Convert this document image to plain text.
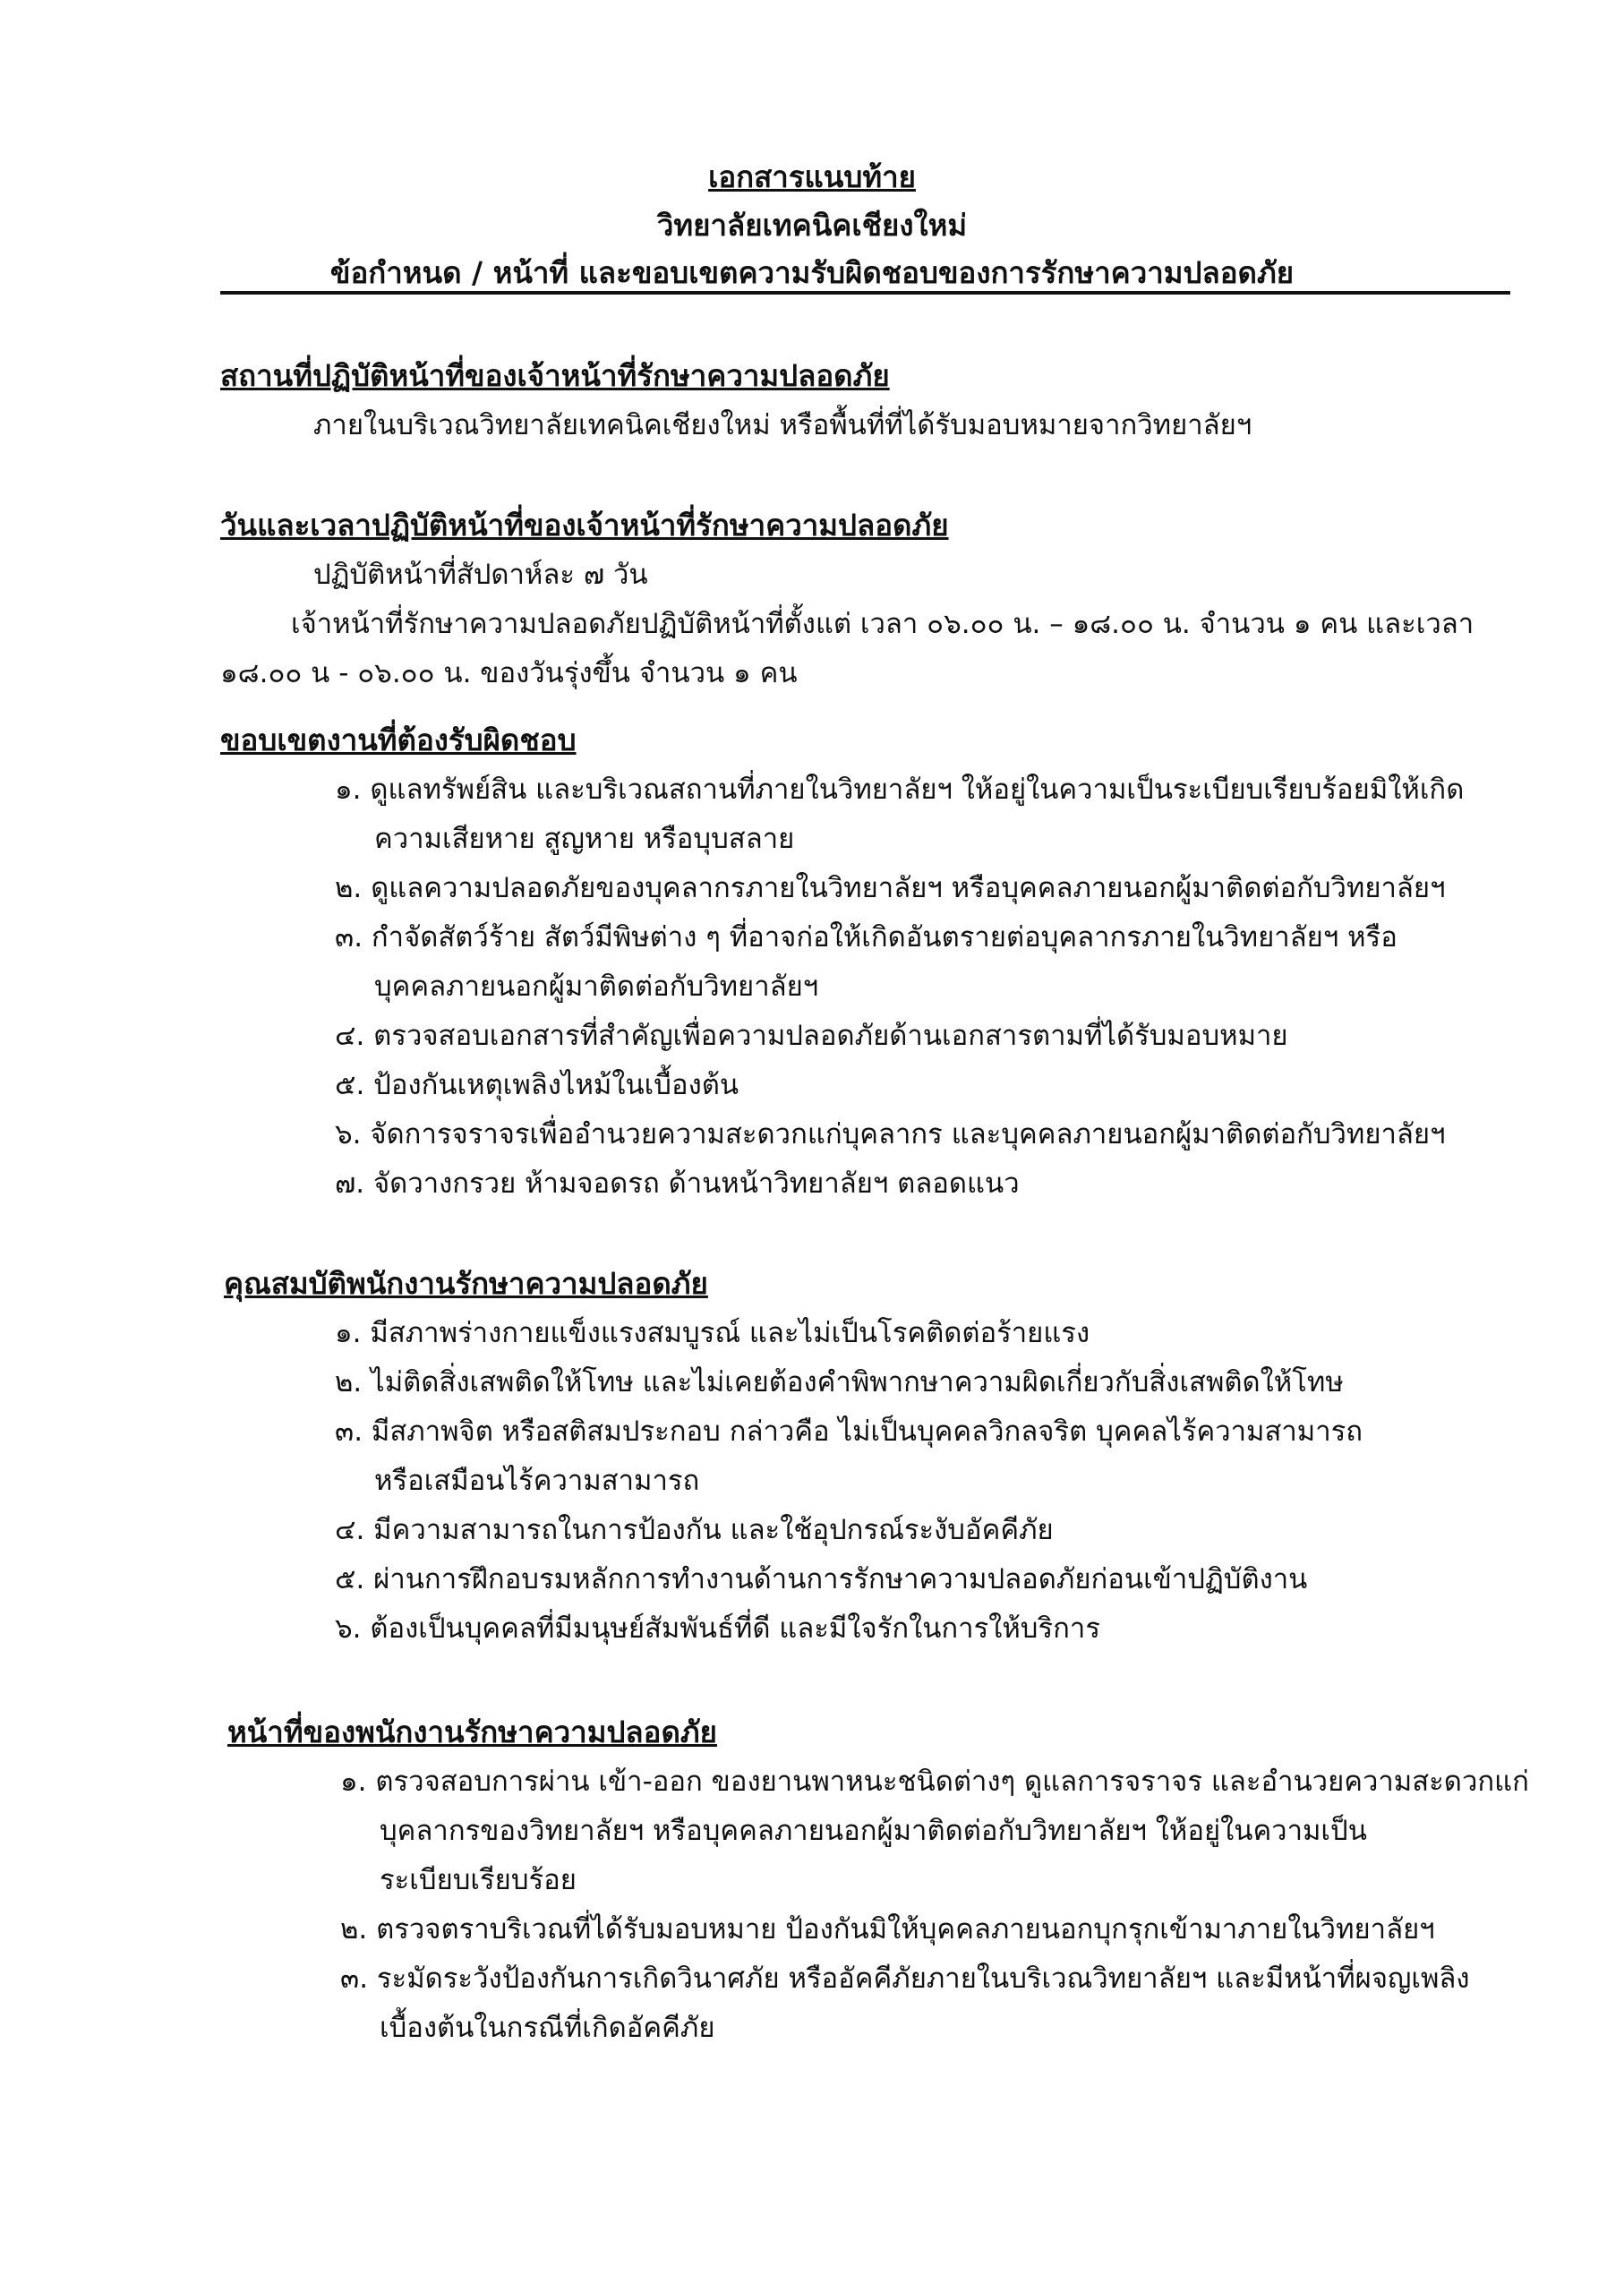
เอกสารแนบท้าย
วิทยาลัยเทคนิคเชียงใหม่
ข้อกำหนด / หน้าที่ และขอบเขตความรับผิดชอบของการรักษาความปลอดภัย
สถานที่ปฏิบัติหน้าที่ของเจ้าหน้าที่รักษาความปลอดภัย
ภายในบริเวณวิทยาลัยเทคนิคเชียงใหม่ หรือพื้นที่ที่ได้รับมอบหมายจากวิทยาลัยฯ
วันและเวลาปฏิบัติหน้าที่ของเจ้าหน้าที่รักษาความปลอดภัย
ปฏิบัติหน้าที่สัปดาห์ละ ๗ วัน
เจ้าหน้าที่รักษาความปลอดภัยปฏิบัติหน้าที่ตั้งแต่ เวลา ๐๖.๐๐ น. – ๑๘.๐๐ น. จำนวน ๑ คน และเวลา
๑๘.๐๐ น - ๐๖.๐๐ น. ของวันรุ่งขึ้น จำนวน ๑ คน
ขอบเขตงานที่ต้องรับผิดชอบ
๑. ดูแลทรัพย์สิน และบริเวณสถานที่ภายในวิทยาลัยฯ ให้อยู่ในความเป็นระเบียบเรียบร้อยมิให้เกิด
ความเสียหาย สูญหาย หรือบุบสลาย
๒. ดูแลความปลอดภัยของบุคลากรภายในวิทยาลัยฯ หรือบุคคลภายนอกผู้มาติดต่อกับวิทยาลัยฯ
๓. กำจัดสัตว์ร้าย สัตว์มีพิษต่าง ๆ ที่อาจก่อให้เกิดอันตรายต่อบุคลากรภายในวิทยาลัยฯ หรือ
บุคคลภายนอกผู้มาติดต่อกับวิทยาลัยฯ
๔. ตรวจสอบเอกสารที่สำคัญเพื่อความปลอดภัยด้านเอกสารตามที่ได้รับมอบหมาย
๕. ป้องกันเหตุเพลิงไหม้ในเบื้องต้น
๖. จัดการจราจรเพื่ออำนวยความสะดวกแก่บุคลากร และบุคคลภายนอกผู้มาติดต่อกับวิทยาลัยฯ
๗. จัดวางกรวย ห้ามจอดรถ ด้านหน้าวิทยาลัยฯ ตลอดแนว
คุณสมบัติพนักงานรักษาความปลอดภัย
๑. มีสภาพร่างกายแข็งแรงสมบูรณ์ และไม่เป็นโรคติดต่อร้ายแรง
๒. ไม่ติดสิ่งเสพติดให้โทษ และไม่เคยต้องคำพิพากษาความผิดเกี่ยวกับสิ่งเสพติดให้โทษ
๓. มีสภาพจิต หรือสติสมประกอบ กล่าวคือ ไม่เป็นบุคคลวิกลจริต บุคคลไร้ความสามารถ
หรือเสมือนไร้ความสามารถ
๔. มีความสามารถในการป้องกัน และใช้อุปกรณ์ระงับอัคคีภัย
๕. ผ่านการฝึกอบรมหลักการทำงานด้านการรักษาความปลอดภัยก่อนเข้าปฏิบัติงาน
๖. ต้องเป็นบุคคลที่มีมนุษย์สัมพันธ์ที่ดี และมีใจรักในการให้บริการ
หน้าที่ของพนักงานรักษาความปลอดภัย
๑. ตรวจสอบการผ่าน เข้า-ออก ของยานพาหนะชนิดต่างๆ ดูแลการจราจร และอำนวยความสะดวกแก่
บุคลากรของวิทยาลัยฯ หรือบุคคลภายนอกผู้มาติดต่อกับวิทยาลัยฯ ให้อยู่ในความเป็น
ระเบียบเรียบร้อย
๒. ตรวจตราบริเวณที่ได้รับมอบหมาย ป้องกันมิให้บุคคลภายนอกบุกรุกเข้ามาภายในวิทยาลัยฯ
๓. ระมัดระวังป้องกันการเกิดวินาศภัย หรืออัคคีภัยภายในบริเวณวิทยาลัยฯ และมีหน้าที่ผจญเพลิง
เบื้องต้นในกรณีที่เกิดอัคคีภัย
